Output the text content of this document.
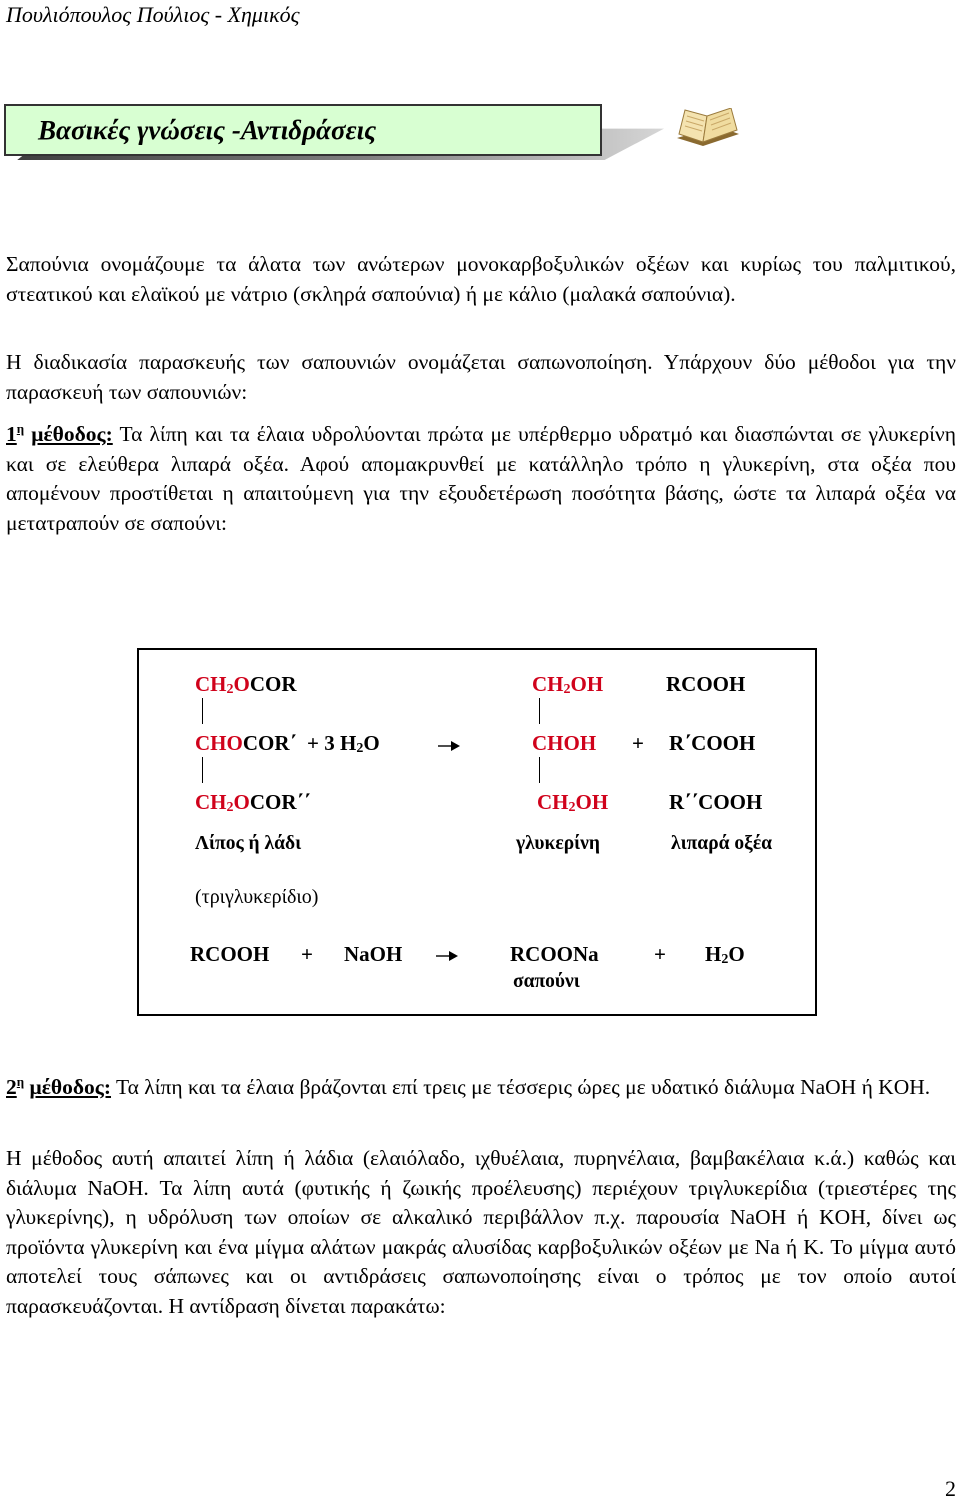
Πουλιόπουλος Πούλιος - Χημικός
Βασικές γνώσεις -Αντιδράσεις
Σαπούνια ονομάζουμε τα άλατα των ανώτερων μονοκαρβοξυλικών οξέων και κυρίως του παλμιτικού, στεατικού και ελαϊκού με νάτριο (σκληρά σαπούνια) ή με κάλιο (μαλακά σαπούνια).
Η διαδικασία παρασκευής των σαπουνιών ονομάζεται σαπωνοποίηση. Υπάρχουν δύο μέθοδοι για την παρασκευή των σαπουνιών:
$1^\eta$ μέθοδος: Τα λίπη και τα έλαια υδρολύονται πρώτα με υπέρθερμο υδρατμό και διασπώνται σε γλυκερίνη και σε ελεύθερα λιπαρά οξέα. Αφού απομακρυνθεί με κατάλληλο τρόπο η γλυκερίνη, στα οξέα που απομένουν προστίθεται η απαιτούμενη για την εξουδετέρωση ποσότητα βάσης, ώστε τα λιπαρά οξέα να μετατραπούν σε σαπούνι:
$CH_2OCOR$	$CH_2OH$	RCOOH
CHOCOR΄ + 3 $H_2O$	CHOH + R΄COOH
$CH_2OCOR΄΄$	$CH_2OH$	R΄΄COOH
Λίπος ή λάδι	γλυκερίνη	λιπαρά οξέα
(τριγλυκερίδιο)
RCOOH + NaOH	RCOONa	+ $H_2O$
σαπούνι
$2^\eta$ μέθοδος: Τα λίπη και τα έλαια βράζονται επί τρεις με τέσσερις ώρες με υδατικό διάλυμα NaOH ή KOH.
Η μέθοδος αυτή απαιτεί λίπη ή λάδια (ελαιόλαδο, ιχθυέλαια, πυρηνέλαια, βαμβακέλαια κ.ά.) καθώς και διάλυμα NaOH. Τα λίπη αυτά (φυτικής ή ζωικής προέλευσης) περιέχουν τριγλυκερίδια (τριεστέρες της γλυκερίνης), η υδρόλυση των οποίων σε αλκαλικό περιβάλλον π.χ. παρουσία NaOH ή KOH, δίνει ως προϊόντα γλυκερίνη και ένα μίγμα αλάτων μακράς αλυσίδας καρβοξυλικών οξέων με Na ή K. Το μίγμα αυτό αποτελεί τους σάπωνες και οι αντιδράσεις σαπωνοποίησης είναι ο τρόπος με τον οποίο αυτοί παρασκευάζονται. Η αντίδραση δίνεται παρακάτω:
2
